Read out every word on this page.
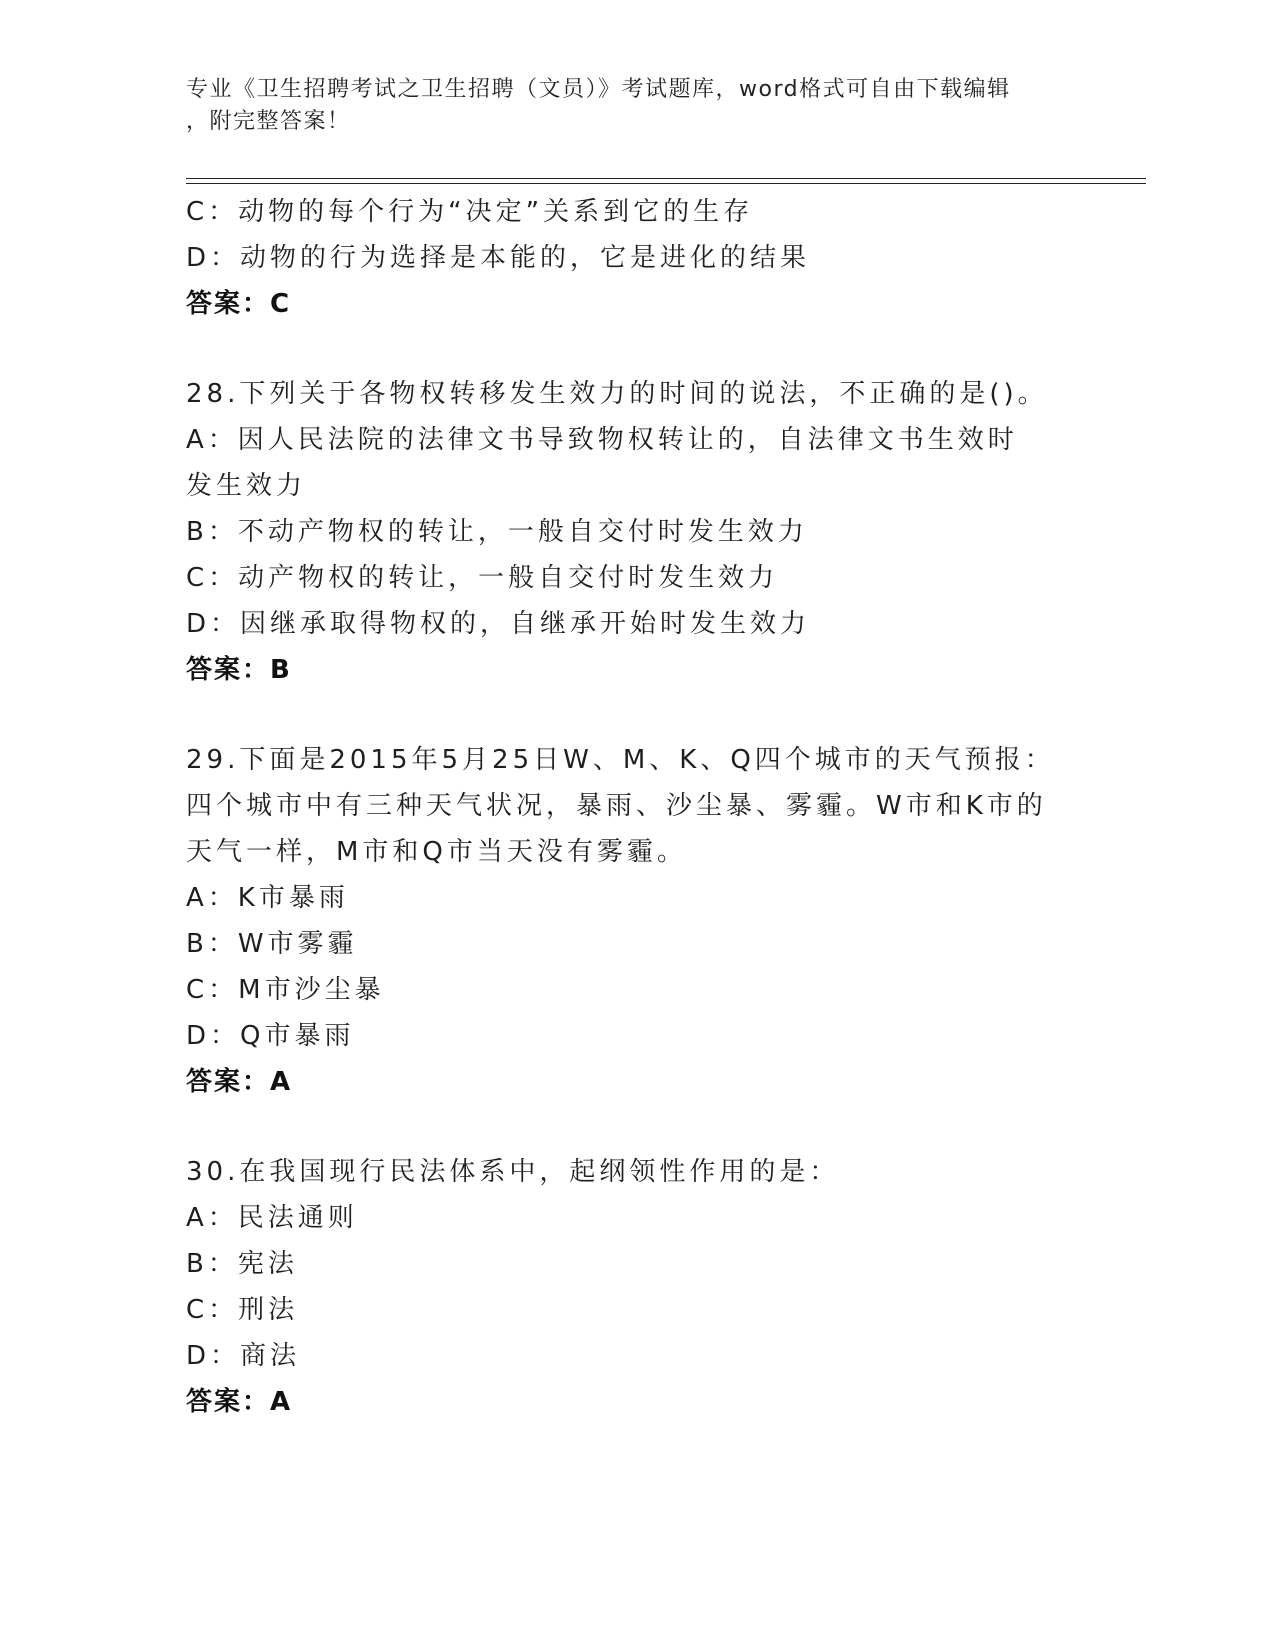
专业《卫生招聘考试之卫生招聘（文员）》考试题库，word格式可自由下载编辑
，附完整答案！
C：动物的每个行为“决定”关系到它的生存
D：动物的行为选择是本能的，它是进化的结果
答案：C
28.下列关于各物权转移发生效力的时间的说法，不正确的是()。
A：因人民法院的法律文书导致物权转让的，自法律文书生效时发生效力
B：不动产物权的转让，一般自交付时发生效力
C：动产物权的转让，一般自交付时发生效力
D：因继承取得物权的，自继承开始时发生效力
答案：B
29.下面是2015年5月25日W、M、K、Q四个城市的天气预报：四个城市中有三种天气状况，暴雨、沙尘暴、雾霾。W市和K市的天气一样，M市和Q市当天没有雾霾。
A：K市暴雨
B：W市雾霾
C：M市沙尘暴
D：Q市暴雨
答案：A
30.在我国现行民法体系中，起纲领性作用的是：
A：民法通则
B：宪法
C：刑法
D：商法
答案：A
